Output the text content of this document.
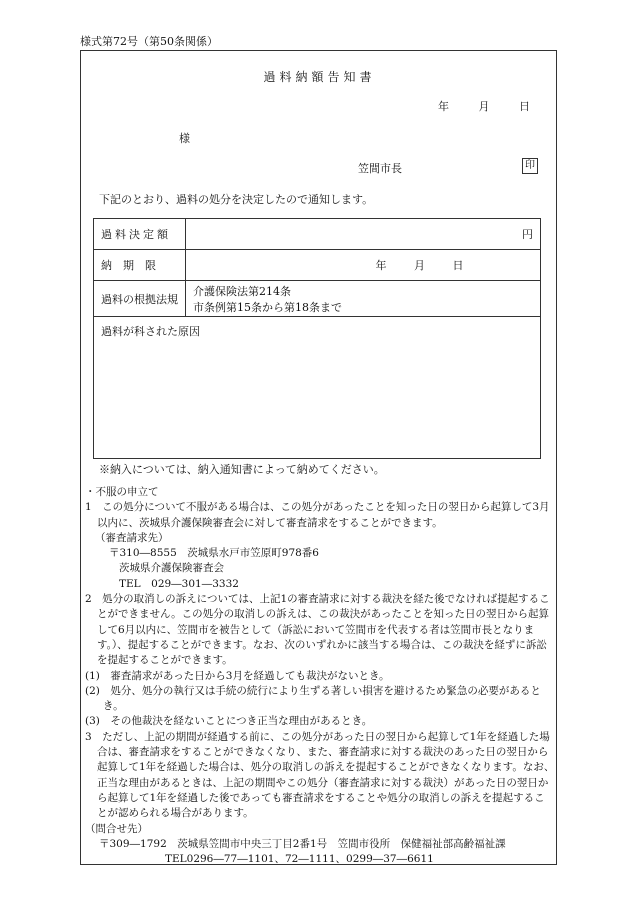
様式第72号（第50条関係）
過料納額告知書
年	月	日
様
笠間市長	印
下記のとおり、過料の処分を決定したので通知します。
過料決定額	円
納　期　限	年 月 日
過料の根拠法規	介護保険法第214条
市条例第15条から第18条まで

過料が科された原因	
※納入については、納入通知書によって納めてください。

・不服の申立て

1　この処分について不服がある場合は、この処分があったことを知った日の翌日から起算して3月以内に、茨城県介護保険審査会に対して審査請求をすることができます。

（審査請求先）

〒310―8555　茨城県水戸市笠原町978番6

茨城県介護保険審査会

TEL　029―301―3332

2　処分の取消しの訴えについては、上記1の審査請求に対する裁決を経た後でなければ提起することができません。この処分の取消しの訴えは、この裁決があったことを知った日の翌日から起算して6月以内に、笠間市を被告として（訴訟において笠間市を代表する者は笠間市長となります。）、提起することができます。なお、次のいずれかに該当する場合は、この裁決を経ずに訴訟を提起することができます。

(1)　審査請求があった日から3月を経過しても裁決がないとき。

(2)　処分、処分の執行又は手続の続行により生ずる著しい損害を避けるため緊急の必要があるとき。

(3)　その他裁決を経ないことにつき正当な理由があるとき。

3　ただし、上記の期間が経過する前に、この処分があった日の翌日から起算して1年を経過した場合は、審査請求をすることができなくなり、また、審査請求に対する裁決のあった日の翌日から起算して1年を経過した場合は、処分の取消しの訴えを提起することができなくなります。なお、正当な理由があるときは、上記の期間やこの処分（審査請求に対する裁決）があった日の翌日から起算して1年を経過した後であっても審査請求をすることや処分の取消しの訴えを提起することが認められる場合があります。

（問合せ先）

〒309―1792　茨城県笠間市中央三丁目2番1号　笠間市役所　保健福祉部高齢福祉課

TEL0296―77―1101、72―1111、0299―37―6611
